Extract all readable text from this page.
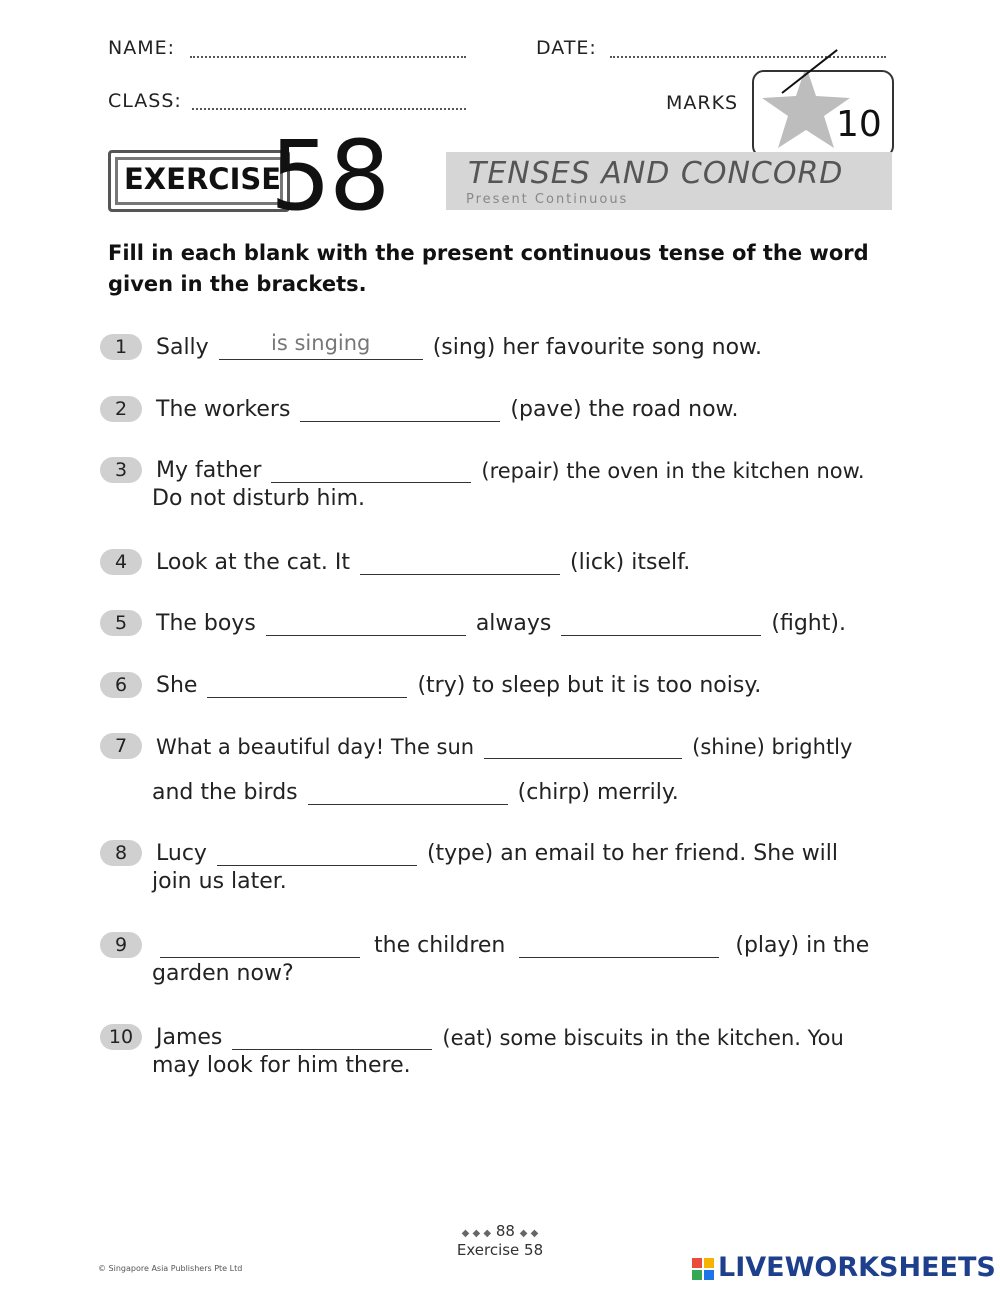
NAME:	DATE:
CLASS:	MARKS
10
EXERCISE
58	TENSES AND CONCORD
Present Continuous
Fill in each blank with the present continuous tense of the word given in the brackets.
1	Sally	is singing	(sing) her favourite song now.
2	The workers	(pave) the road now.
3	My father	(repair) the oven in the kitchen now.
Do not disturb him.
4	Look at the cat. It	(lick) itself.
5	The boys	always	(fight).
6	She	(try) to sleep but it is too noisy.
7	What a beautiful day! The sun	(shine) brightly
and the birds	(chirp) merrily.
8	Lucy	(type) an email to her friend. She will
join us later.
9	the children	(play) in the
garden now?
10	James	(eat) some biscuits in the kitchen. You
may look for him there.
◆ ◆ ◆ 88 ◆ ◆
Exercise 58
© Singapore Asia Publishers Pte Ltd	LIVEWORKSHEETS
